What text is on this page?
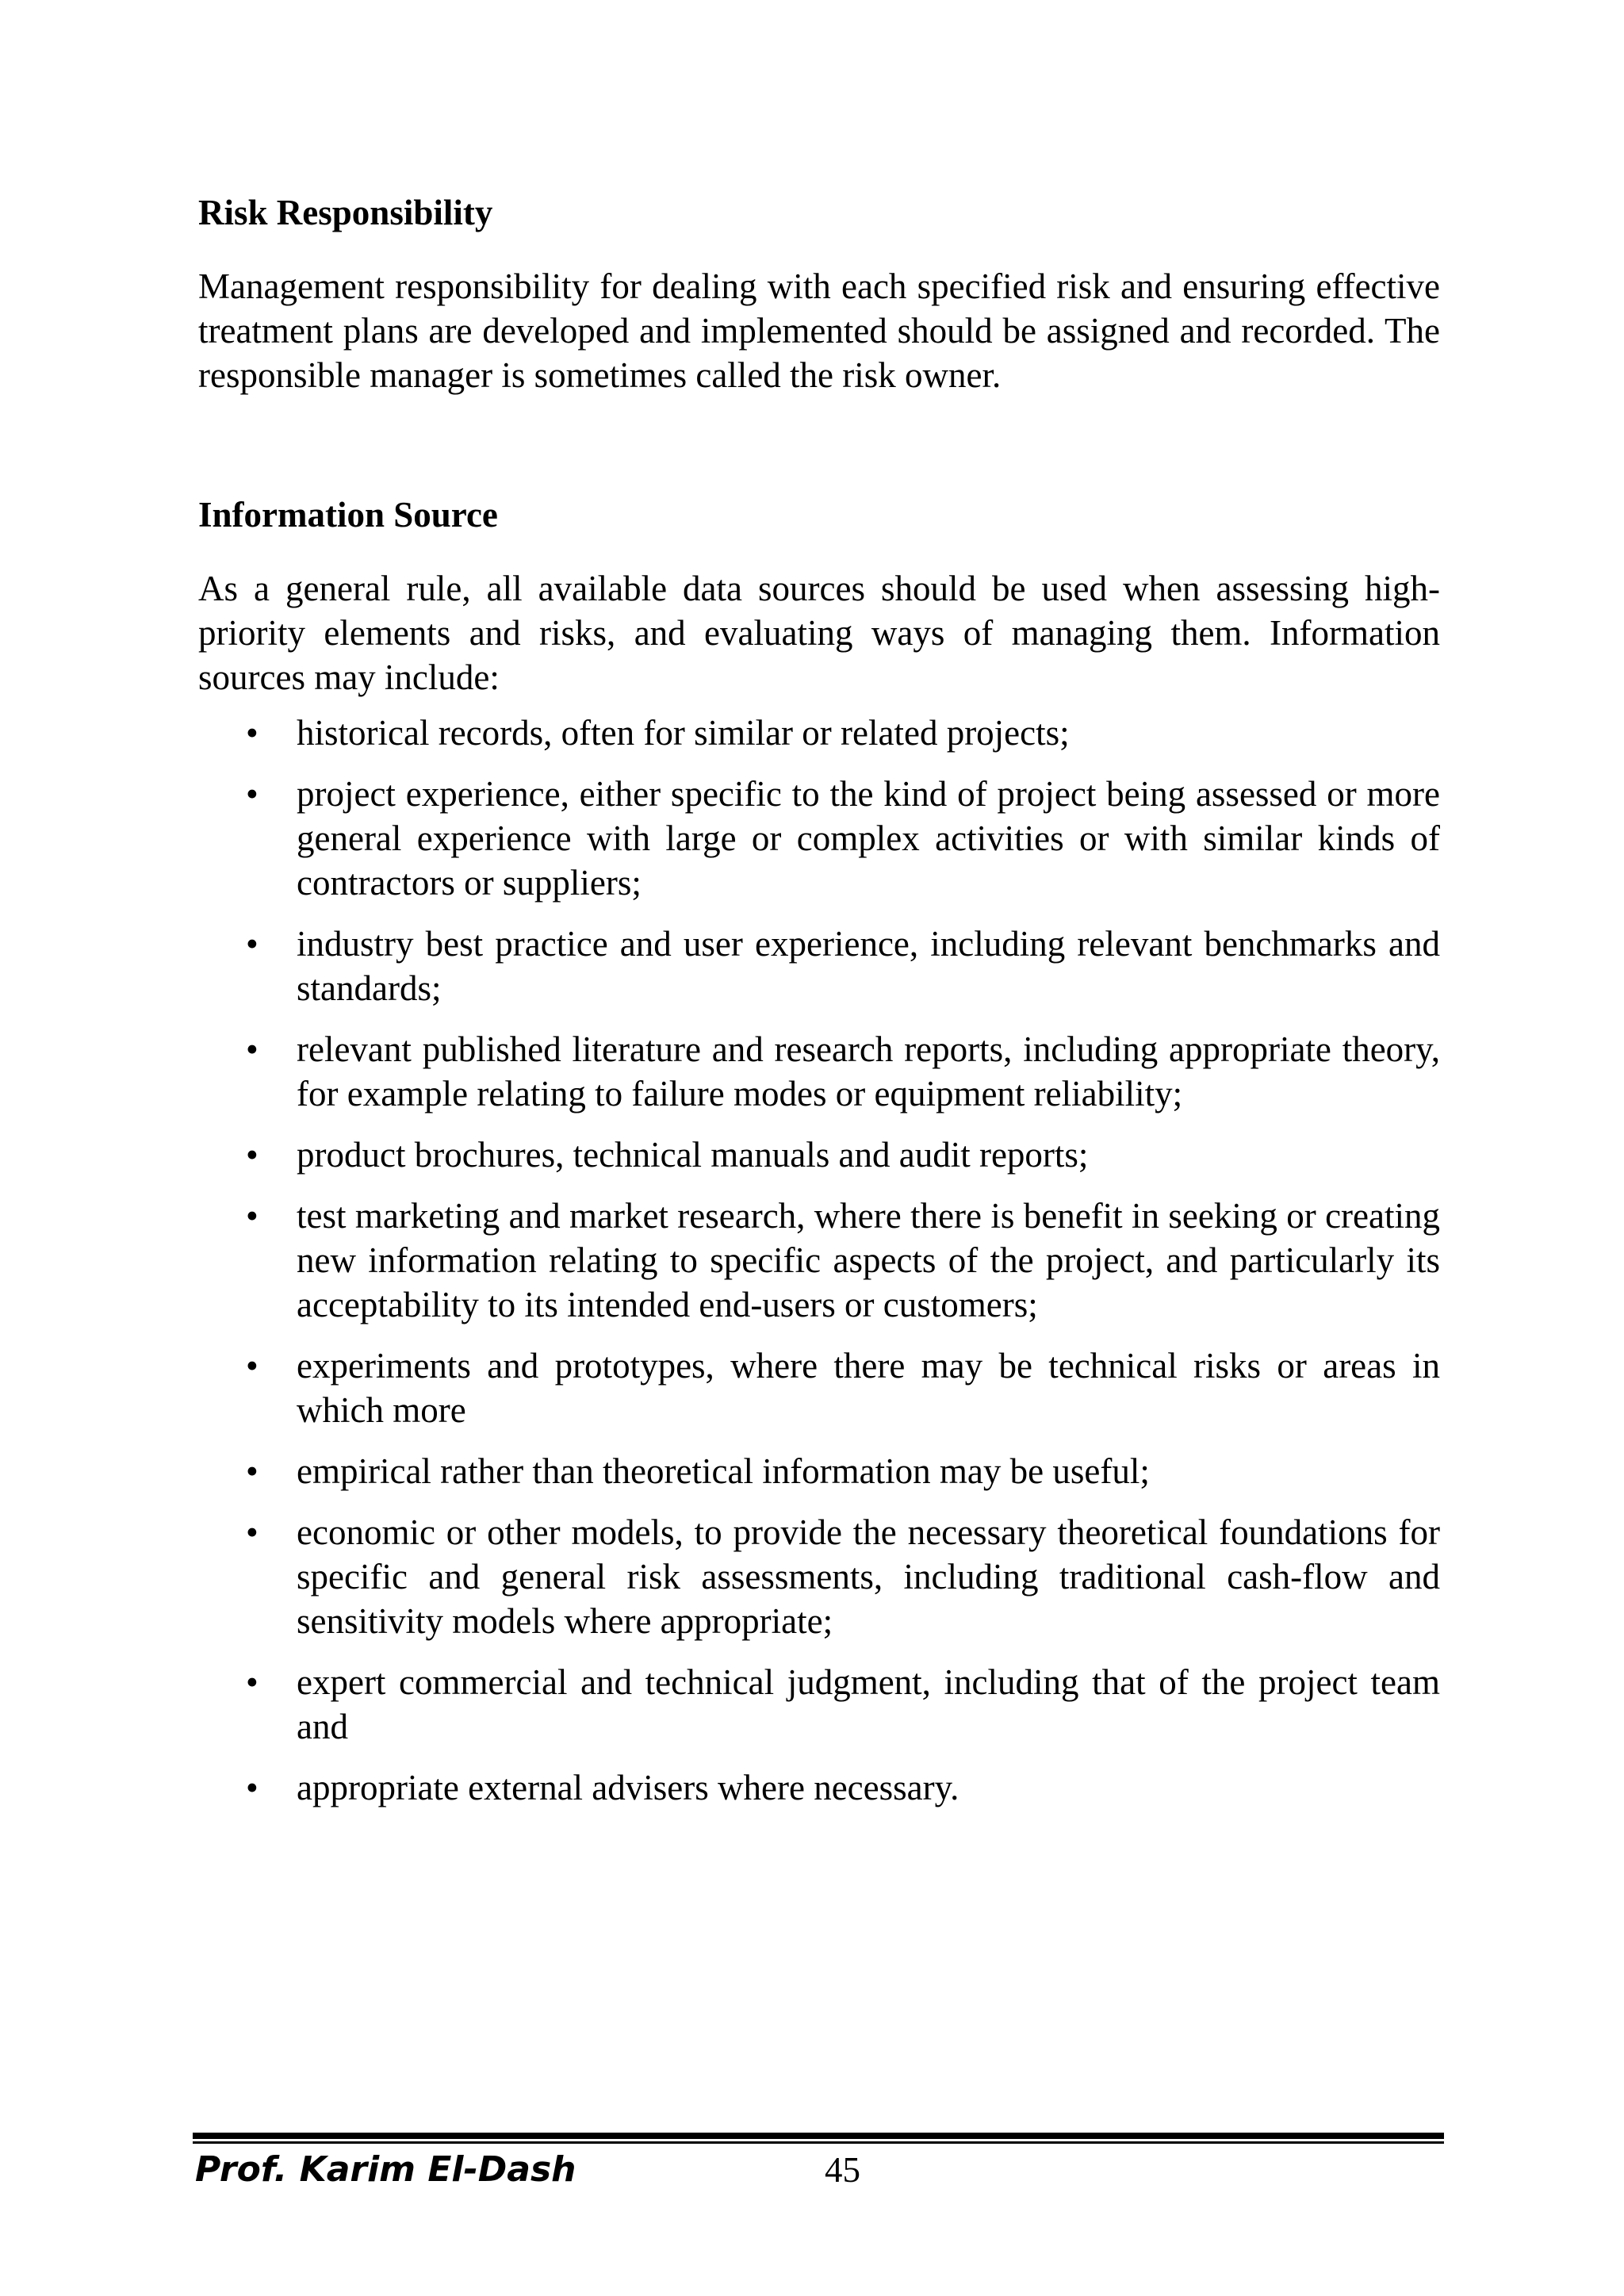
Risk Responsibility

Management responsibility for dealing with each specified risk and ensuring effective treatment plans are developed and implemented should be assigned and recorded. The responsible manager is sometimes called the risk owner.

Information Source

As a general rule, all available data sources should be used when assessing high-priority elements and risks, and evaluating ways of managing them. Information sources may include:

• historical records, often for similar or related projects;
• project experience, either specific to the kind of project being assessed or more general experience with large or complex activities or with similar kinds of contractors or suppliers;
• industry best practice and user experience, including relevant benchmarks and standards;
• relevant published literature and research reports, including appropriate theory, for example relating to failure modes or equipment reliability;
• product brochures, technical manuals and audit reports;
• test marketing and market research, where there is benefit in seeking or creating new information relating to specific aspects of the project, and particularly its acceptability to its intended end-users or customers;
• experiments and prototypes, where there may be technical risks or areas in which more
• empirical rather than theoretical information may be useful;
• economic or other models, to provide the necessary theoretical foundations for specific and general risk assessments, including traditional cash-flow and sensitivity models where appropriate;
• expert commercial and technical judgment, including that of the project team and
• appropriate external advisers where necessary.
Prof. Karim El-Dash	45
